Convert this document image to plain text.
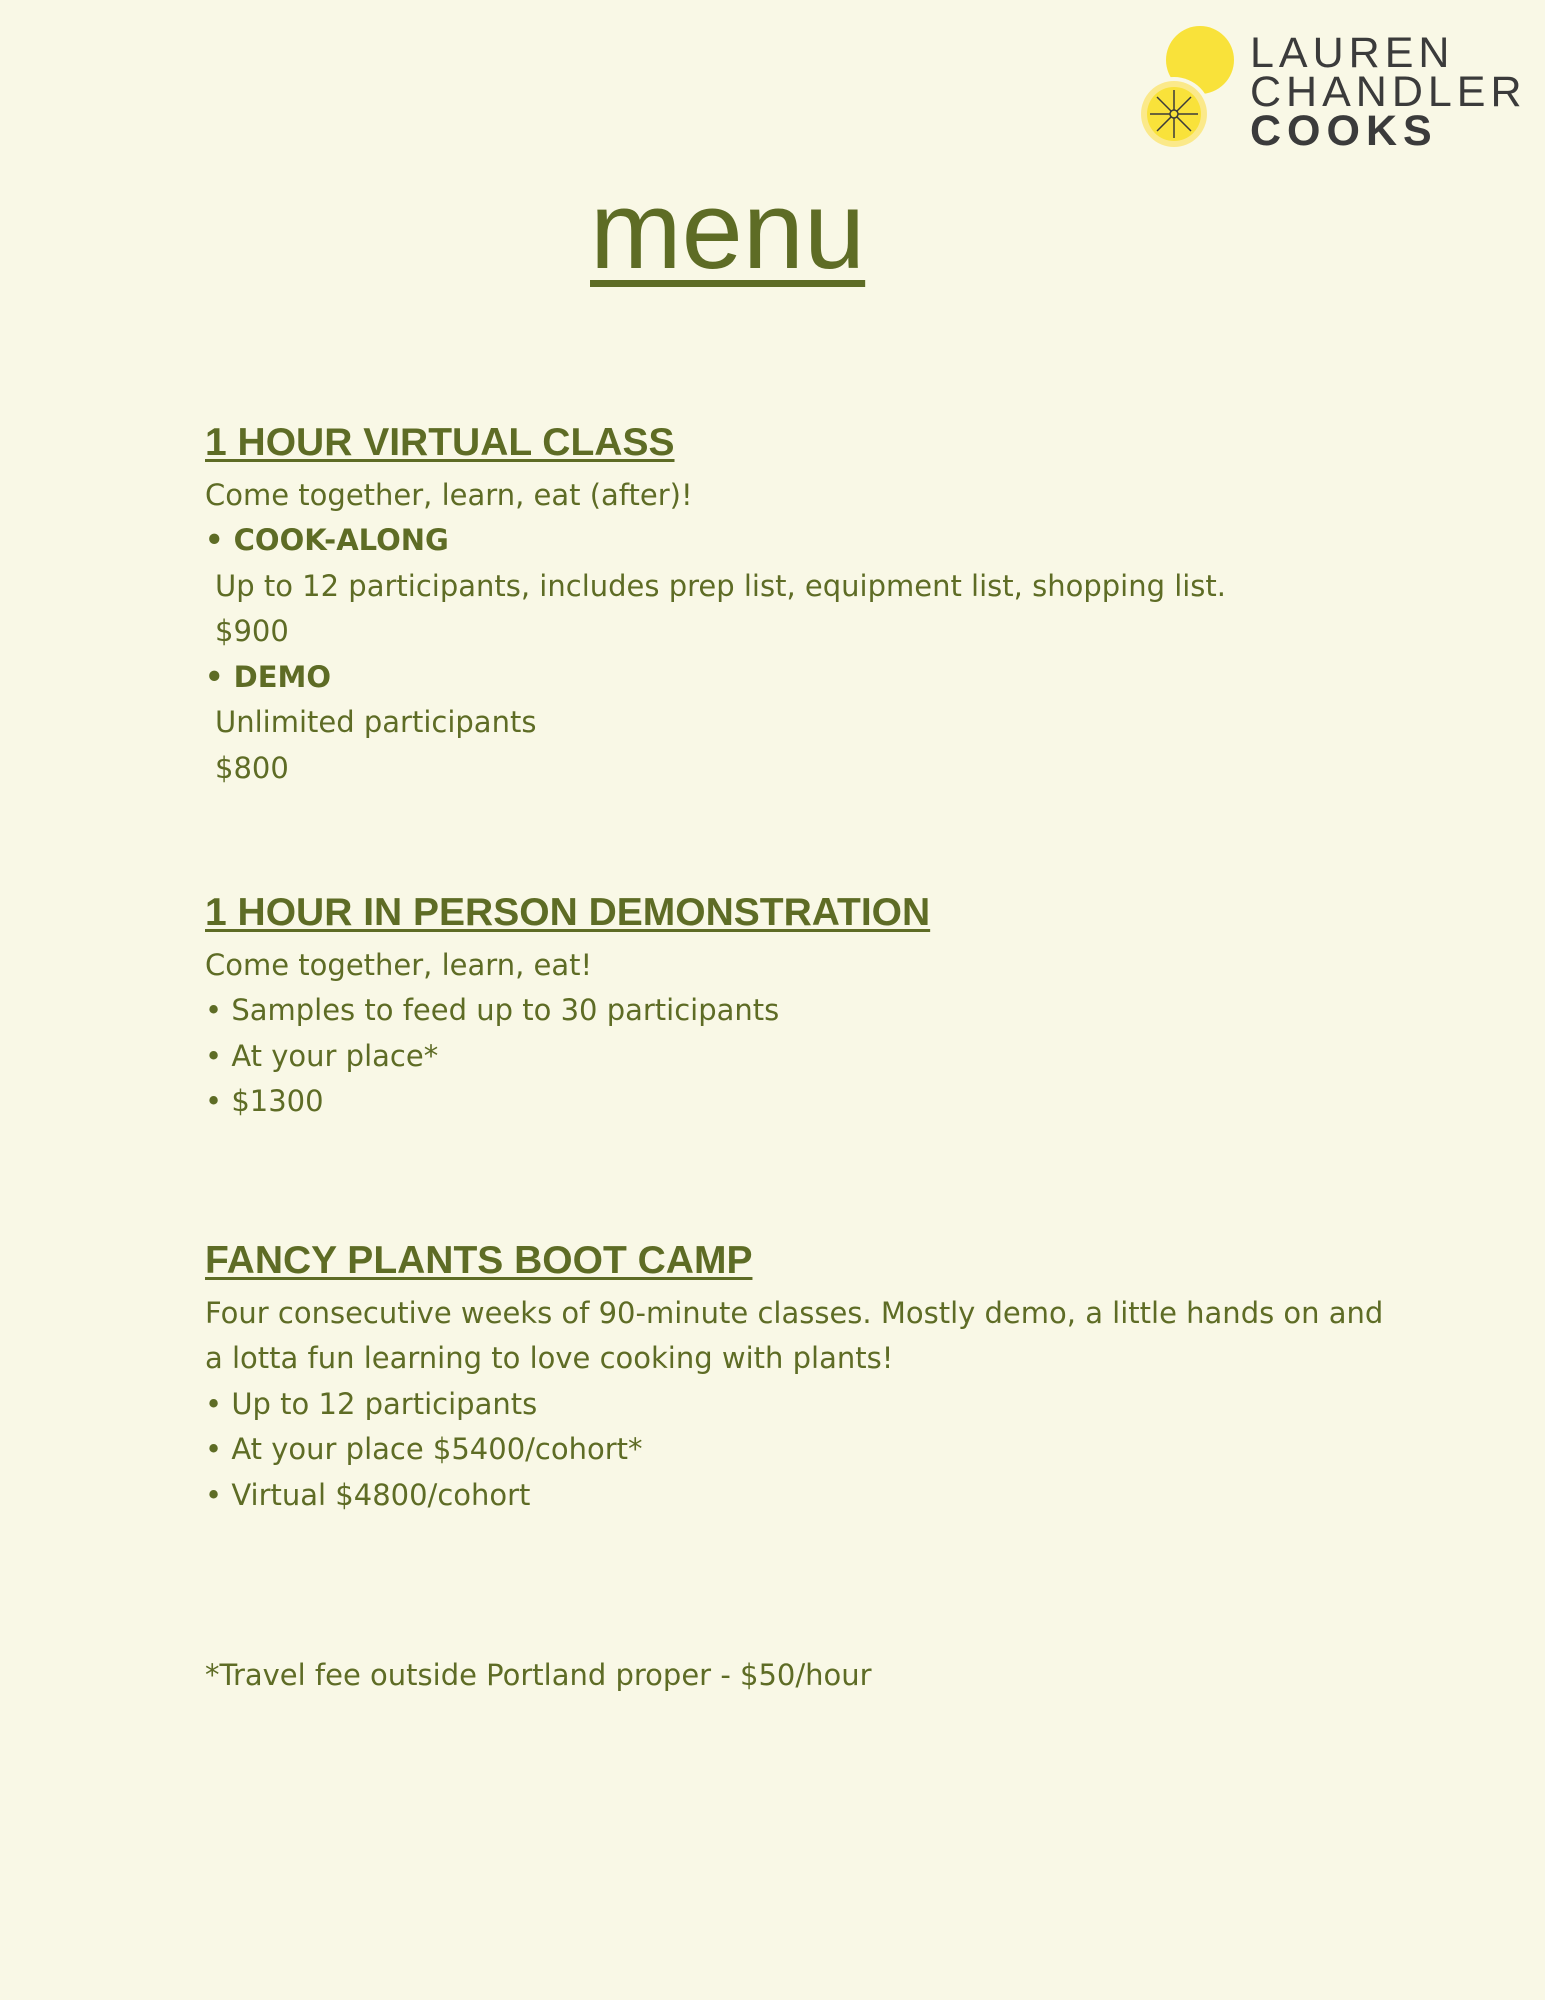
LAUREN
CHANDLER
COOKS
menu
1 HOUR VIRTUAL CLASS
Come together, learn, eat (after)!
• COOK-ALONG
Up to 12 participants, includes prep list, equipment list, shopping list.
$900
• DEMO
Unlimited participants
$800
1 HOUR IN PERSON DEMONSTRATION
Come together, learn, eat!
• Samples to feed up to 30 participants
• At your place*
• $1300
FANCY PLANTS BOOT CAMP
Four consecutive weeks of 90-minute classes. Mostly demo, a little hands on and a lotta fun learning to love cooking with plants!
• Up to 12 participants
• At your place $5400/cohort*
• Virtual $4800/cohort
*Travel fee outside Portland proper - $50/hour
